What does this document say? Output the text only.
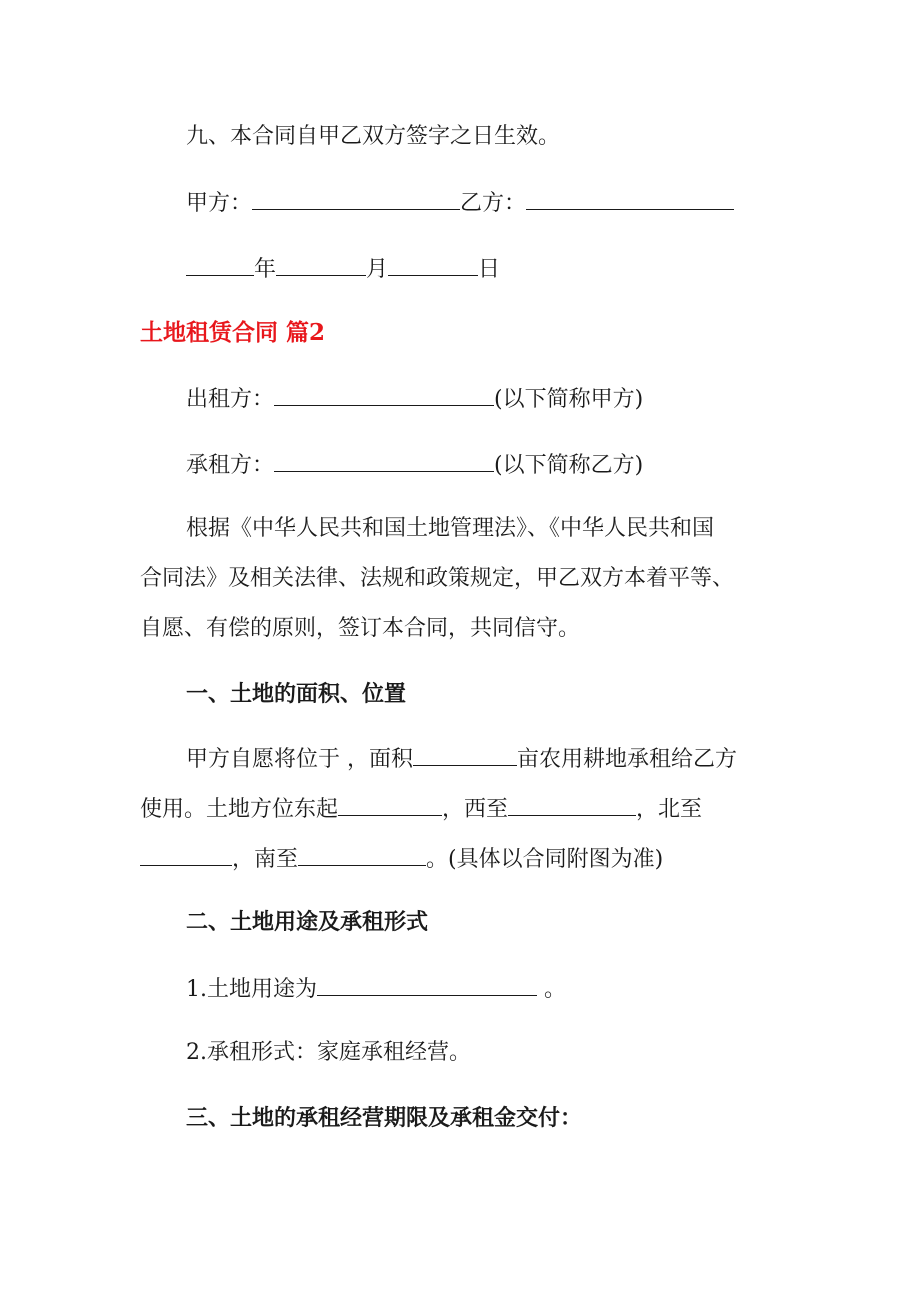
九、本合同自甲乙双方签字之日生效。
甲方：	乙方：
年	月	日
土地租赁合同 篇2
出租方：	(以下简称甲方)
承租方：	(以下简称乙方)
根据《中华人民共和国土地管理法》、《中华人民共和国
合同法》及相关法律、法规和政策规定，甲乙双方本着平等、
自愿、有偿的原则，签订本合同，共同信守。
一、土地的面积、位置
甲方自愿将位于 ，面积	亩农用耕地承租给乙方
使用。土地方位东起	，西至	，北至
，南至	。(具体以合同附图为准)
二、土地用途及承租形式
1.土地用途为	。
2.承租形式：家庭承租经营。
三、土地的承租经营期限及承租金交付：
